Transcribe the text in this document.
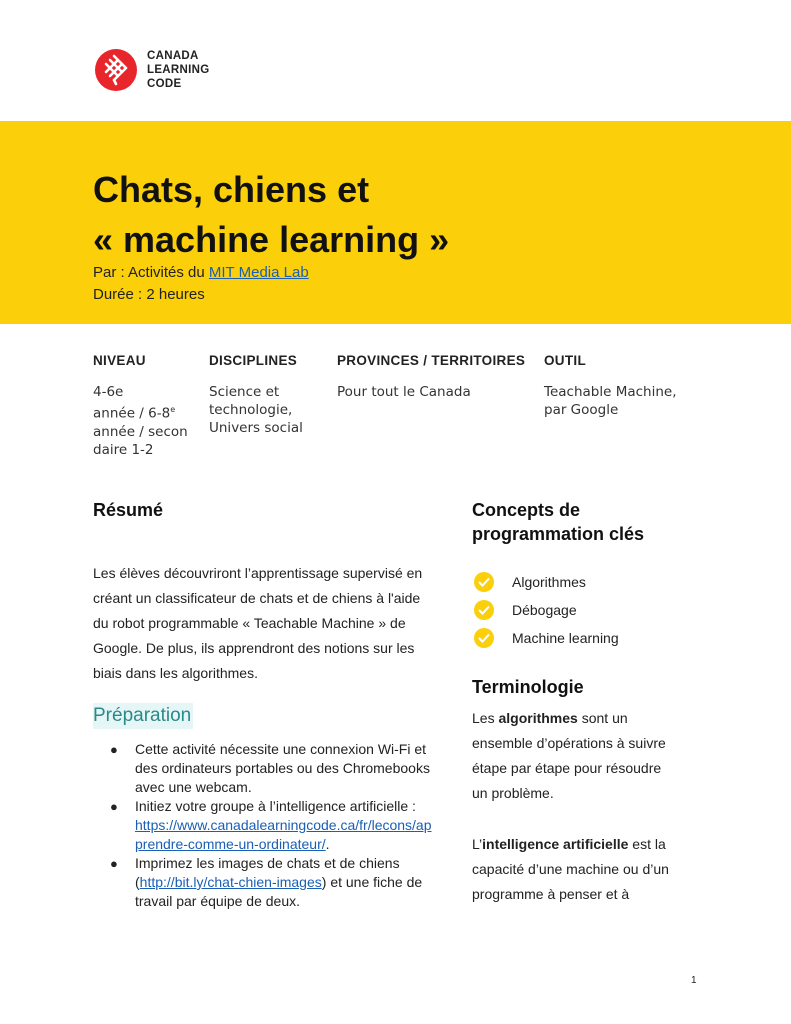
CANADA
LEARNING
CODE
Chats, chiens et
« machine learning »
Par : Activités du MIT Media Lab
Durée : 2 heures
NIVEAU
4-6e
année / 6-8e
année / secon
daire 1-2
DISCIPLINES
Science et
technologie,
Univers social
PROVINCES / TERRITOIRES
Pour tout le Canada
OUTIL
Teachable Machine,
par Google
Résumé
Les élèves découvriront l’apprentissage supervisé en
créant un classificateur de chats et de chiens à l'aide
du robot programmable « Teachable Machine » de
Google. De plus, ils apprendront des notions sur les
biais dans les algorithmes.
Préparation
● Cette activité nécessite une connexion Wi-Fi et
des ordinateurs portables ou des Chromebooks
avec une webcam.
● Initiez votre groupe à l’intelligence artificielle :
https://www.canadalearningcode.ca/fr/lecons/ap
prendre-comme-un-ordinateur/.
● Imprimez les images de chats et de chiens
(http://bit.ly/chat-chien-images) et une fiche de
travail par équipe de deux.
Concepts de
programmation clés
Algorithmes
Débogage
Machine learning
Terminologie
Les algorithmes sont un
ensemble d’opérations à suivre
étape par étape pour résoudre
un problème.
L’intelligence artificielle est la
capacité d’une machine ou d’un
programme à penser et à
1
